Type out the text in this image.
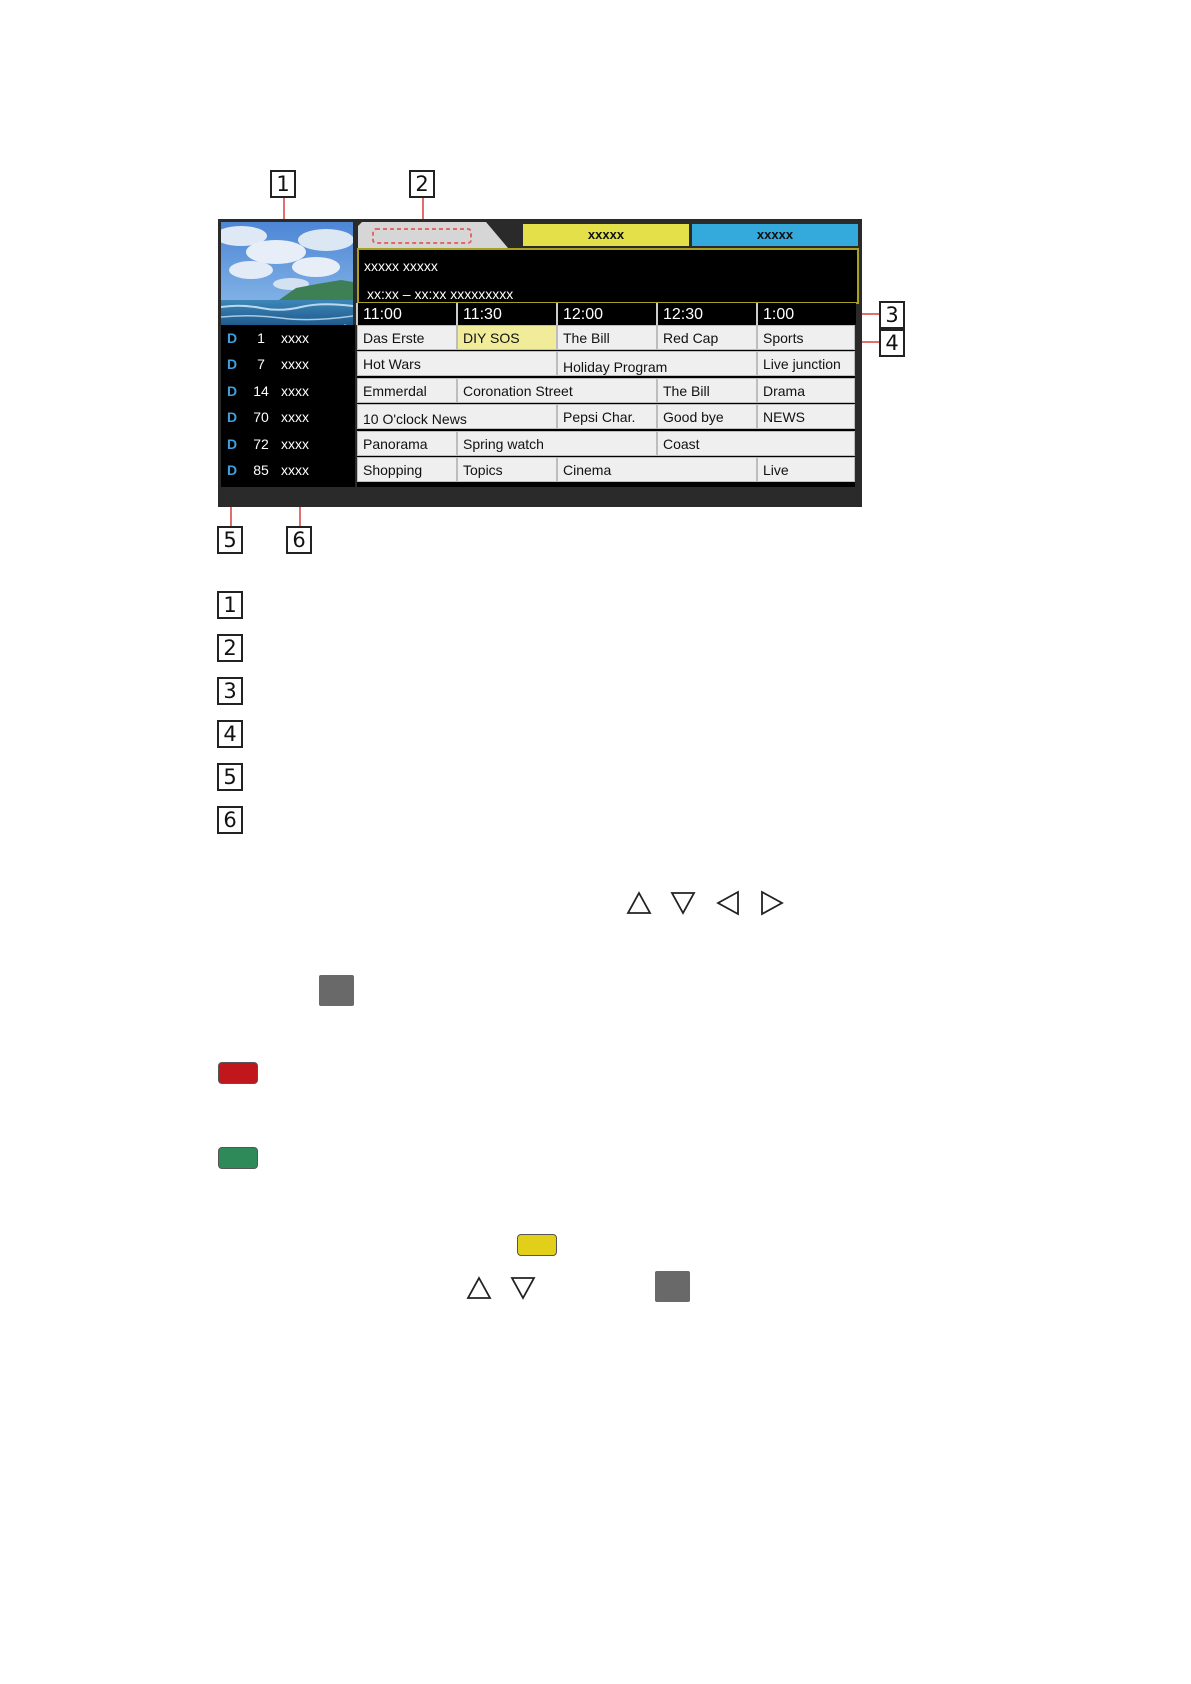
1	2
3
4
5	6
xxxxx	xxxxx
xxxxx xxxxx
xx:xx – xx:xx xxxxxxxxx
11:00	11:30	12:00	12:30	1:00
D	1	xxxx
D	7	xxxx
D	14 xxxx
D	70 xxxx
D	72 xxxx
D	85 xxxx
Das Erste	DIY SOS	The Bill	Red Cap	Sports
Hot Wars	Holiday Program	Live junction
Emmerdal	Coronation Street	The Bill	Drama
10 O'clock News	Pepsi Char.	Good bye	NEWS
Panorama	Spring watch	Coast
Shopping	Topics	Cinema	Live
1
2
3
4
5
6
